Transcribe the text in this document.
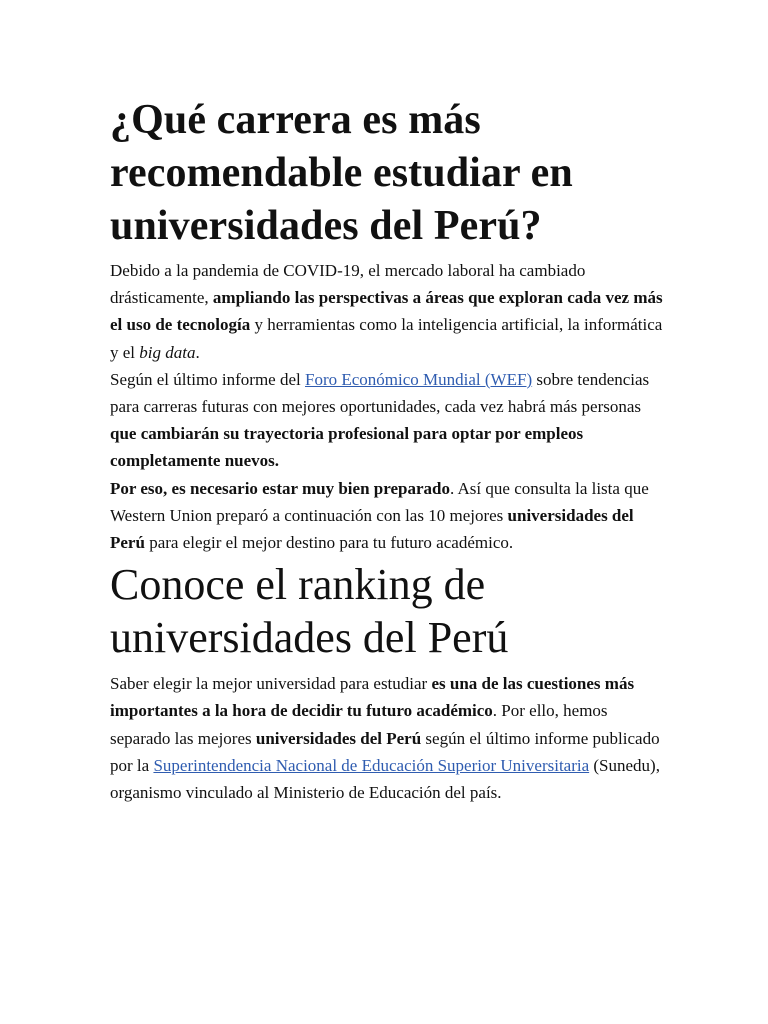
¿Qué carrera es más recomendable estudiar en universidades del Perú?

Debido a la pandemia de COVID-19, el mercado laboral ha cambiado drásticamente, ampliando las perspectivas a áreas que exploran cada vez más el uso de tecnología y herramientas como la inteligencia artificial, la informática y el big data.

Según el último informe del Foro Económico Mundial (WEF) sobre tendencias para carreras futuras con mejores oportunidades, cada vez habrá más personas que cambiarán su trayectoria profesional para optar por empleos completamente nuevos.

Por eso, es necesario estar muy bien preparado. Así que consulta la lista que Western Union preparó a continuación con las 10 mejores universidades del Perú para elegir el mejor destino para tu futuro académico.

Conoce el ranking de universidades del Perú

Saber elegir la mejor universidad para estudiar es una de las cuestiones más importantes a la hora de decidir tu futuro académico. Por ello, hemos separado las mejores universidades del Perú según el último informe publicado por la Superintendencia Nacional de Educación Superior Universitaria (Sunedu), organismo vinculado al Ministerio de Educación del país.
